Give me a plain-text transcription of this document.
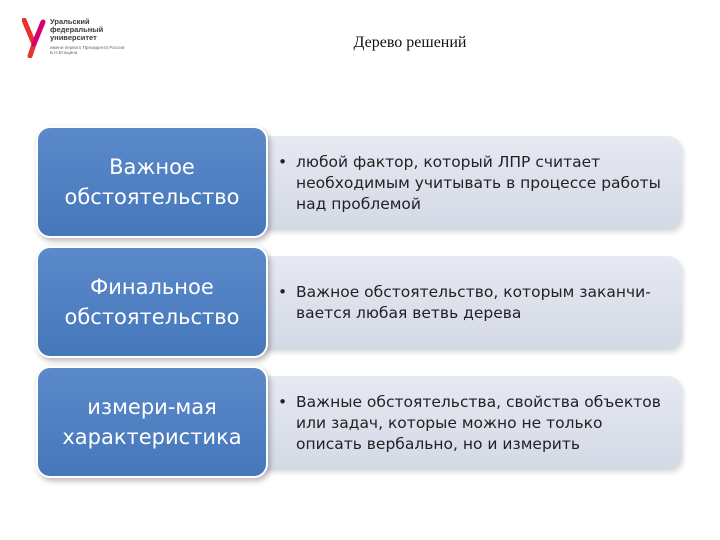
Уральский федеральный университет
имени первого Президента России Б.Н.Ельцина
Дерево решений
• любой фактор, который ЛПР считает необходимым учитывать в процессе работы над проблемой
Важное
обстоятельство
• Важное обстоятельство, которым заканчи-вается любая ветвь дерева
Финальное
обстоятельство
• Важные обстоятельства, свойства объектов или задач, которые можно не только описать вербально, но и измерить
измери-мая
характеристика
